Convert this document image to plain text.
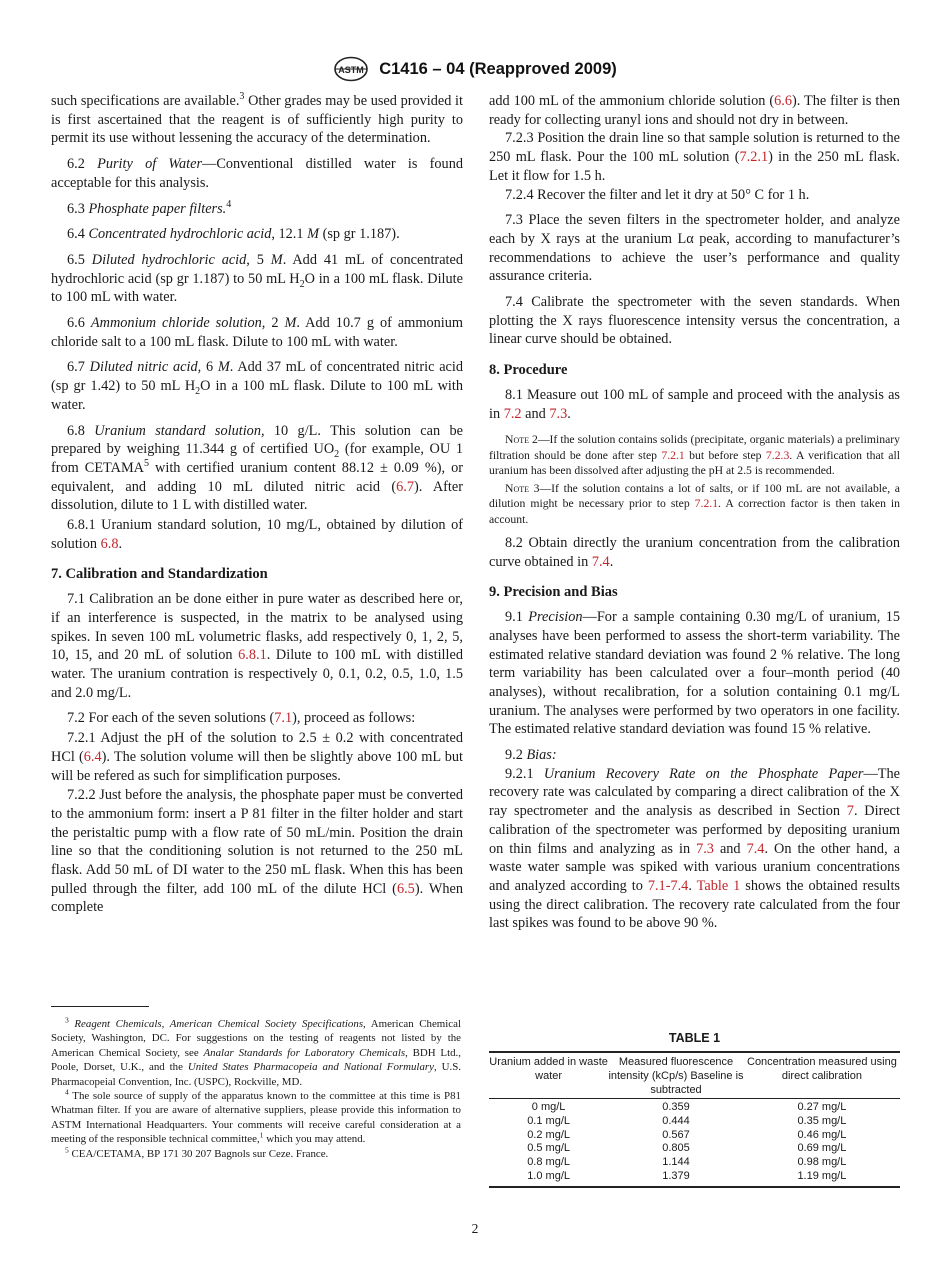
ASTM C1416 – 04 (Reapproved 2009)

such specifications are available.$^3$ Other grades may be used provided it is first ascertained that the reagent is of sufficiently high purity to permit its use without lessening the accuracy of the determination.

6.2 Purity of Water—Conventional distilled water is found acceptable for this analysis.

6.3 Phosphate paper filters.$^4$

6.4 Concentrated hydrochloric acid, 12.1 M (sp gr 1.187).

6.5 Diluted hydrochloric acid, 5 M. Add 41 mL of concentrated hydrochloric acid (sp gr 1.187) to 50 mL $H_2O$ in a 100 mL flask. Dilute to 100 mL with water.

6.6 Ammonium chloride solution, 2 M. Add 10.7 g of ammonium chloride salt to a 100 mL flask. Dilute to 100 mL with water.

6.7 Diluted nitric acid, 6 M. Add 37 mL of concentrated nitric acid (sp gr 1.42) to 50 mL $H_2O$ in a 100 mL flask. Dilute to 100 mL with water.

6.8 Uranium standard solution, 10 g/L. This solution can be prepared by weighing 11.344 g of certified $UO_2$ (for example, OU 1 from CETAMA$^5$ with certified uranium content 88.12 ± 0.09 %), or equivalent, and adding 10 mL diluted nitric acid (6.7). After dissolution, dilute to 1 L with distilled water.

6.8.1 Uranium standard solution, 10 mg/L, obtained by dilution of solution 6.8.

7. Calibration and Standardization

7.1 Calibration an be done either in pure water as described here or, if an interference is suspected, in the matrix to be analysed using spikes. In seven 100 mL volumetric flasks, add respectively 0, 1, 2, 5, 10, 15, and 20 mL of solution 6.8.1. Dilute to 100 mL with distilled water. The uranium contration is respectively 0, 0.1, 0.2, 0.5, 1.0, 1.5 and 2.0 mg/L.

7.2 For each of the seven solutions (7.1), proceed as follows:

7.2.1 Adjust the pH of the solution to 2.5 ± 0.2 with concentrated HCl (6.4). The solution volume will then be slightly above 100 mL but will be refered as such for simplification purposes.

7.2.2 Just before the analysis, the phosphate paper must be converted to the ammonium form: insert a P 81 filter in the filter holder and start the peristaltic pump with a flow rate of 50 mL/min. Position the drain line so that the conditioning solution is not returned to the 250 mL flask. Add 50 mL of DI water to the 250 mL flask. When this has been pulled through the filter, add 100 mL of the dilute HCl (6.5). When complete

add 100 mL of the ammonium chloride solution (6.6). The filter is then ready for collecting uranyl ions and should not dry in between.

7.2.3 Position the drain line so that sample solution is returned to the 250 mL flask. Pour the 100 mL solution (7.2.1) in the 250 mL flask. Let it flow for 1.5 h.

7.2.4 Recover the filter and let it dry at 50° C for 1 h.

7.3 Place the seven filters in the spectrometer holder, and analyze each by X rays at the uranium Lα peak, according to manufacturer’s recommendations to achieve the user’s performance and quality assurance criteria.

7.4 Calibrate the spectrometer with the seven standards. When plotting the X rays fluorescence intensity versus the concentration, a linear curve should be obtained.

8. Procedure

8.1 Measure out 100 mL of sample and proceed with the analysis as in 7.2 and 7.3.

Note 2—If the solution contains solids (precipitate, organic materials) a preliminary filtration should be done after step 7.2.1 but before step 7.2.3. A verification that all uranium has been dissolved after adjusting the pH at 2.5 is recommended.

Note 3—If the solution contains a lot of salts, or if 100 mL are not available, a dilution might be necessary prior to step 7.2.1. A correction factor is then taken in account.

8.2 Obtain directly the uranium concentration from the calibration curve obtained in 7.4.

9. Precision and Bias

9.1 Precision—For a sample containing 0.30 mg/L of uranium, 15 analyses have been performed to assess the short-term variability. The estimated relative standard deviation was found 2 % relative. The long term variability has been calculated over a four–month period (40 analyses), without recalibration, for a solution containing 0.1 mg/L uranium. The analyses were performed by two operators in one facility. The estimated relative standard deviation was found 15 % relative.

9.2 Bias:

9.2.1 Uranium Recovery Rate on the Phosphate Paper—The recovery rate was calculated by comparing a direct calibration of the X ray spectrometer and the analysis as described in Section 7. Direct calibration of the spectrometer was performed by depositing uranium on thin films and analyzing as in 7.3 and 7.4. On the other hand, a waste water sample was spiked with various uranium concentrations and analyzed according to 7.1-7.4. Table 1 shows the obtained results using the direct calibration. The recovery rate calculated from the four last spikes was found to be above 90 %.

TABLE 1
Uranium added in waste water	Measured fluorescence intensity (kCp/s) Baseline is subtracted	Concentration measured using direct calibration
0 mg/L	0.359	0.27 mg/L
0.1 mg/L	0.444	0.35 mg/L
0.2 mg/L	0.567	0.46 mg/L
0.5 mg/L	0.805	0.69 mg/L
0.8 mg/L	1.144	0.98 mg/L
1.0 mg/L	1.379	1.19 mg/L

$^3$ Reagent Chemicals, American Chemical Society Specifications, American Chemical Society, Washington, DC. For suggestions on the testing of reagents not listed by the American Chemical Society, see Analar Standards for Laboratory Chemicals, BDH Ltd., Poole, Dorset, U.K., and the United States Pharmacopeia and National Formulary, U.S. Pharmacopeial Convention, Inc. (USPC), Rockville, MD.

$^4$ The sole source of supply of the apparatus known to the committee at this time is P81 Whatman filter. If you are aware of alternative suppliers, please provide this information to ASTM International Headquarters. Your comments will receive careful consideration at a meeting of the responsible technical committee,$^1$ which you may attend.

$^5$ CEA/CETAMA, BP 171 30 207 Bagnols sur Ceze. France.

2
